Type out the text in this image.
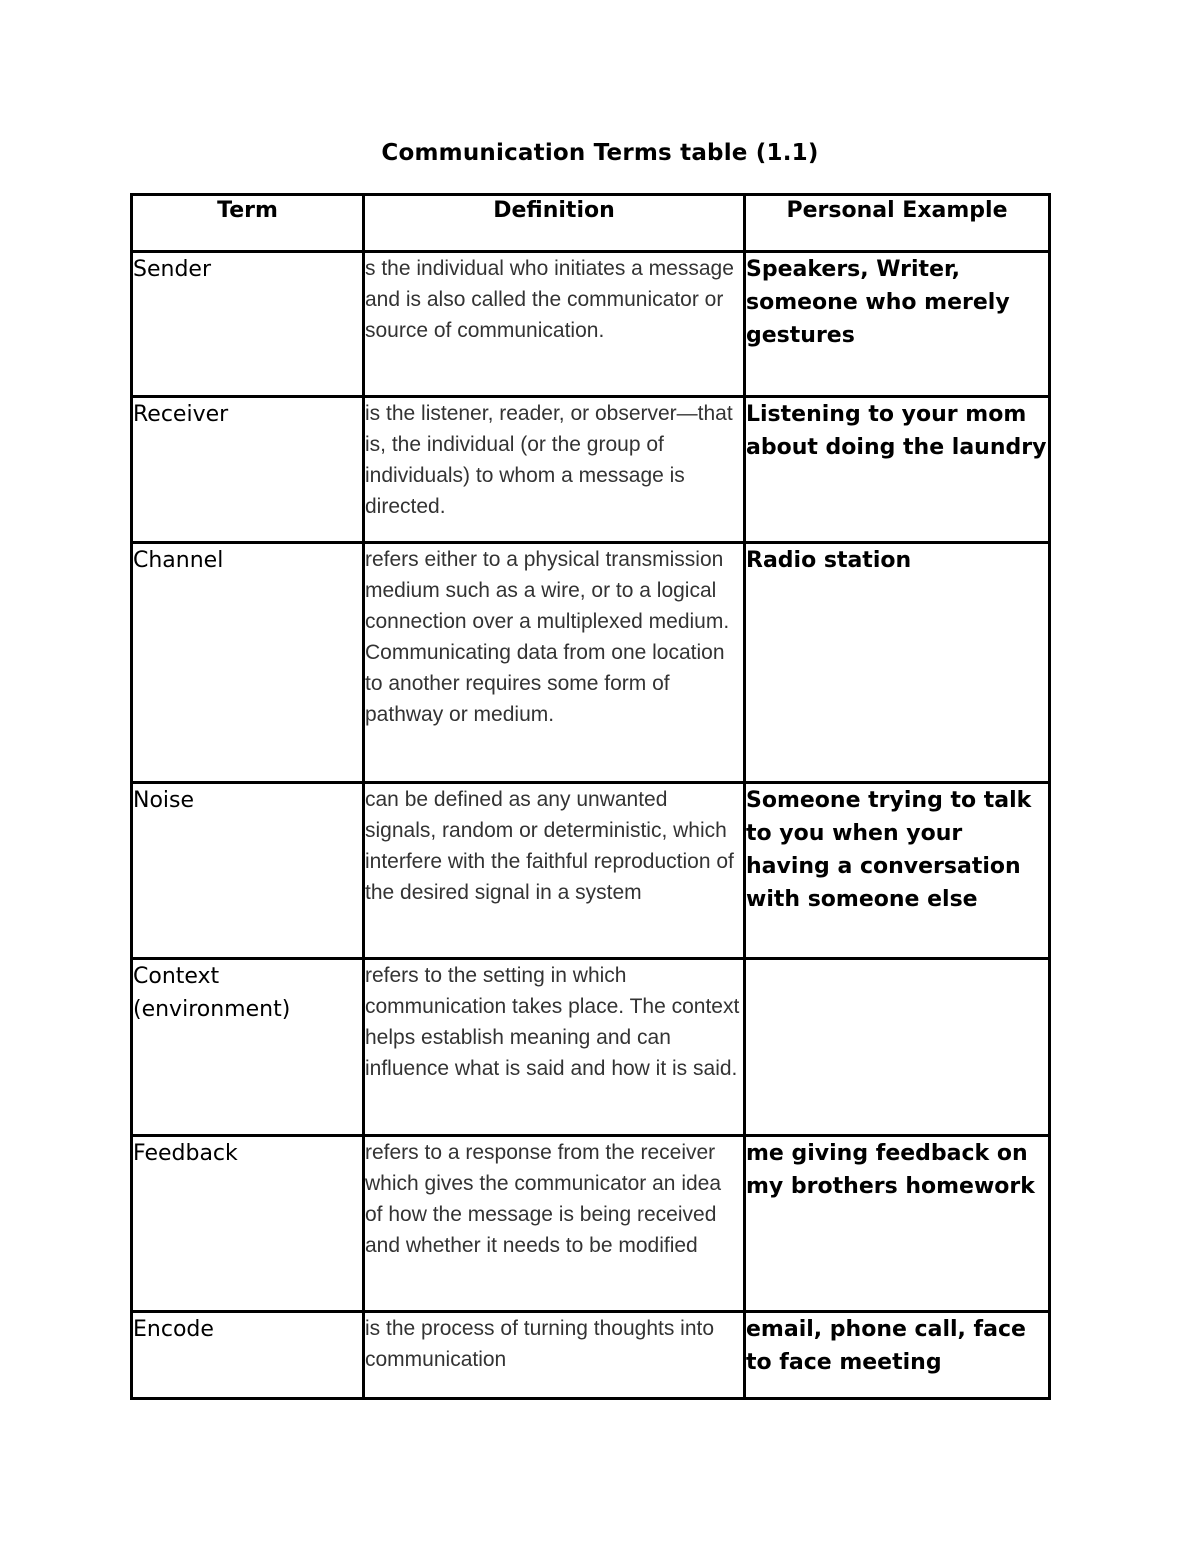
Communication Terms table (1.1)
Term	Definition	Personal Example

Sender	s the individual who initiates a message and is also called the communicator or source of communication.	Speakers, Writer, someone who merely gestures
Receiver	is the listener, reader, or observer—that is, the individual (or the group of individuals) to whom a message is directed.	Listening to your mom about doing the laundry
Channel	refers either to a physical transmission medium such as a wire, or to a logical connection over a multiplexed medium. Communicating data from one location to another requires some form of pathway or medium.	Radio station
Noise	can be defined as any unwanted signals, random or deterministic, which interfere with the faithful reproduction of the desired signal in a system	Someone trying to talk to you when your having a conversation with someone else
Context (environment)	refers to the setting in which communication takes place. The context helps establish meaning and can influence what is said and how it is said.	
Feedback	refers to a response from the receiver which gives the communicator an idea of how the message is being received and whether it needs to be modified	me giving feedback on my brothers homework
Encode	is the process of turning thoughts into communication	email, phone call, face to face meeting
